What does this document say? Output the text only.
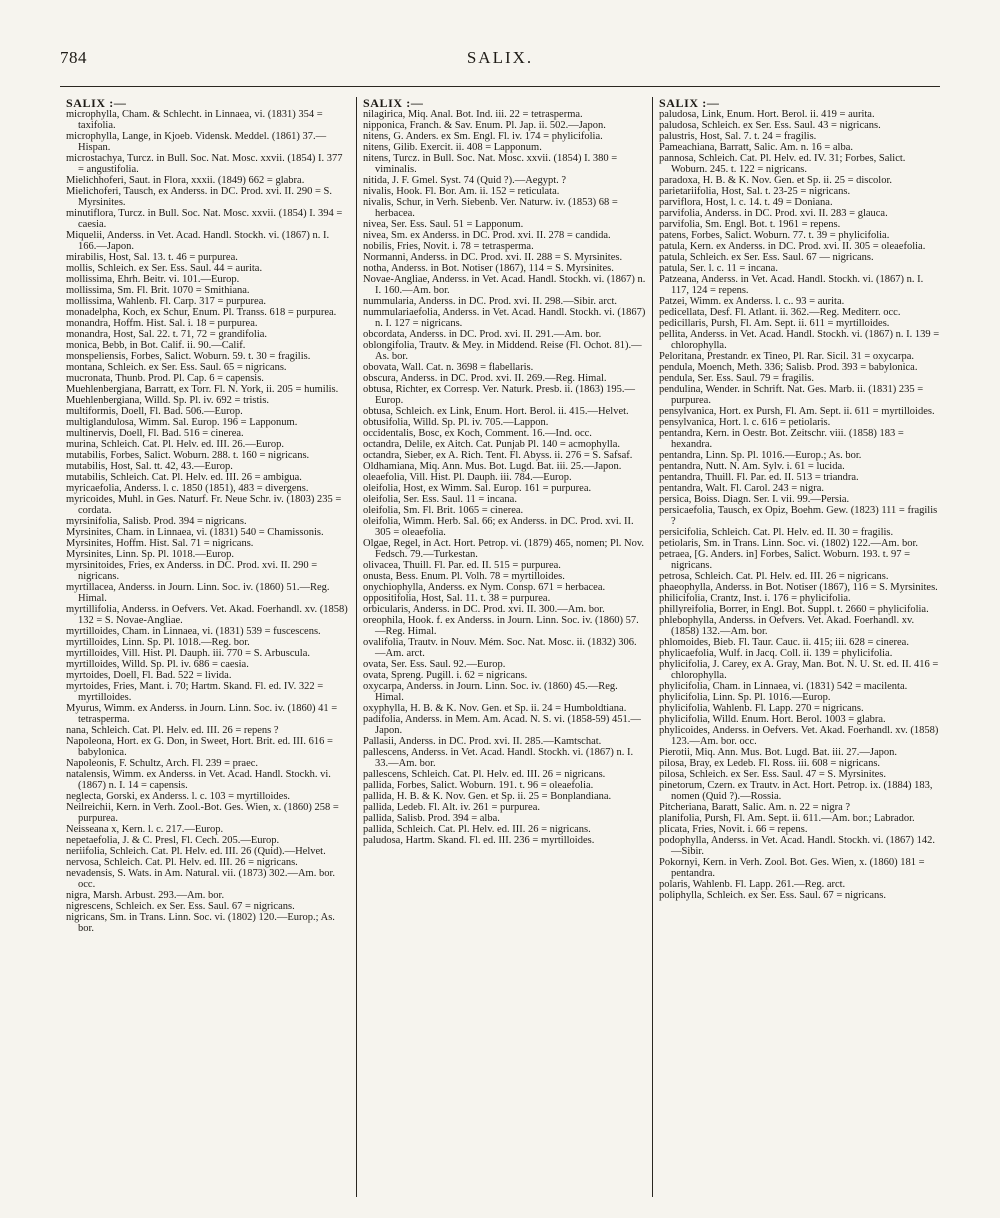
784	SALIX.
SALIX :—
microphylla, Cham. & Schlecht. in Linnaea, vi. (1831) 354 = taxifolia.
microphylla, Lange, in Kjoeb. Vidensk. Meddel. (1861) 37.—Hispan.
microstachya, Turcz. in Bull. Soc. Nat. Mosc. xxvii. (1854) I. 377 = angustifolia.
Mielichhoferi, Saut. in Flora, xxxii. (1849) 662 = glabra.
Mielichoferi, Tausch, ex Anderss. in DC. Prod. xvi. II. 290 = S. Myrsinites.
minutiflora, Turcz. in Bull. Soc. Nat. Mosc. xxvii. (1854) I. 394 = caesia.
Miquelii, Anderss. in Vet. Acad. Handl. Stockh. vi. (1867) n. I. 166.—Japon.
mirabilis, Host, Sal. 13. t. 46 = purpurea.
mollis, Schleich. ex Ser. Ess. Saul. 44 = aurita.
mollissima, Ehrh. Beitr. vi. 101.—Europ.
mollissima, Sm. Fl. Brit. 1070 = Smithiana.
mollissima, Wahlenb. Fl. Carp. 317 = purpurea.
monadelpha, Koch, ex Schur, Enum. Pl. Transs. 618 = purpurea.
monandra, Hoffm. Hist. Sal. i. 18 = purpurea.
monandra, Host, Sal. 22. t. 71, 72 = grandifolia.
monica, Bebb, in Bot. Calif. ii. 90.—Calif.
monspeliensis, Forbes, Salict. Woburn. 59. t. 30 = fragilis.
montana, Schleich. ex Ser. Ess. Saul. 65 = nigricans.
mucronata, Thunb. Prod. Pl. Cap. 6 = capensis.
Muehlenbergiana, Barratt, ex Torr. Fl. N. York, ii. 205 = humilis.
Muehlenbergiana, Willd. Sp. Pl. iv. 692 = tristis.
multiformis, Doell, Fl. Bad. 506.—Europ.
multiglandulosa, Wimm. Sal. Europ. 196 = Lapponum.
multinervis, Doell, Fl. Bad. 516 = cinerea.
murina, Schleich. Cat. Pl. Helv. ed. III. 26.—Europ.
mutabilis, Forbes, Salict. Woburn. 288. t. 160 = nigricans.
mutabilis, Host, Sal. tt. 42, 43.—Europ.
mutabilis, Schleich. Cat. Pl. Helv. ed. III. 26 = ambigua.
myricaefolia, Anderss. l. c. 1850 (1851), 483 = divergens.
myricoides, Muhl. in Ges. Naturf. Fr. Neue Schr. iv. (1803) 235 = cordata.
myrsinifolia, Salisb. Prod. 394 = nigricans.
Myrsinites, Cham. in Linnaea, vi. (1831) 540 = Chamissonis.
Myrsinites, Hoffm. Hist. Sal. 71 = nigricans.
Myrsinites, Linn. Sp. Pl. 1018.—Europ.
myrsinitoides, Fries, ex Anderss. in DC. Prod. xvi. II. 290 = nigricans.
myrtillacea, Anderss. in Journ. Linn. Soc. iv. (1860) 51.—Reg. Himal.
myrtillifolia, Anderss. in Oefvers. Vet. Akad. Foerhandl. xv. (1858) 132 = S. Novae-Angliae.
myrtilloides, Cham. in Linnaea, vi. (1831) 539 = fuscescens.
myrtilloides, Linn. Sp. Pl. 1018.—Reg. bor.
myrtilloides, Vill. Hist. Pl. Dauph. iii. 770 = S. Arbuscula.
myrtilloides, Willd. Sp. Pl. iv. 686 = caesia.
myrtoides, Doell, Fl. Bad. 522 = livida.
myrtoides, Fries, Mant. i. 70; Hartm. Skand. Fl. ed. IV. 322 = myrtilloides.
Myurus, Wimm. ex Anderss. in Journ. Linn. Soc. iv. (1860) 41 = tetrasperma.
nana, Schleich. Cat. Pl. Helv. ed. III. 26 = repens ?
Napoleona, Hort. ex G. Don, in Sweet, Hort. Brit. ed. III. 616 = babylonica.
Napoleonis, F. Schultz, Arch. Fl. 239 = praec.
natalensis, Wimm. ex Anderss. in Vet. Acad. Handl. Stockh. vi. (1867) n. I. 14 = capensis.
neglecta, Gorski, ex Anderss. l. c. 103 = myrtilloides.
Neilreichii, Kern. in Verh. Zool.-Bot. Ges. Wien, x. (1860) 258 = purpurea.
Neisseana x, Kern. l. c. 217.—Europ.
nepetaefolia, J. & C. Presl, Fl. Cech. 205.—Europ.
neriifolia, Schleich. Cat. Pl. Helv. ed. III. 26 (Quid).—Helvet.
nervosa, Schleich. Cat. Pl. Helv. ed. III. 26 = nigricans.
nevadensis, S. Wats. in Am. Natural. vii. (1873) 302.—Am. bor. occ.
nigra, Marsh. Arbust. 293.—Am. bor.
nigrescens, Schleich. ex Ser. Ess. Saul. 67 = nigricans.
nigricans, Sm. in Trans. Linn. Soc. vi. (1802) 120.—Europ.; As. bor.
SALIX :—
nilagirica, Miq. Anal. Bot. Ind. iii. 22 = tetrasperma.
nipponica, Franch. & Sav. Enum. Pl. Jap. ii. 502.—Japon.
nitens, G. Anders. ex Sm. Engl. Fl. iv. 174 = phylicifolia.
nitens, Gilib. Exercit. ii. 408 = Lapponum.
nitens, Turcz. in Bull. Soc. Nat. Mosc. xxvii. (1854) I. 380 = viminalis.
nitida, J. F. Gmel. Syst. 74 (Quid ?).—Aegypt. ?
nivalis, Hook. Fl. Bor. Am. ii. 152 = reticulata.
nivalis, Schur, in Verh. Siebenb. Ver. Naturw. iv. (1853) 68 = herbacea.
nivea, Ser. Ess. Saul. 51 = Lapponum.
nivea, Sm. ex Anderss. in DC. Prod. xvi. II. 278 = candida.
nobilis, Fries, Novit. i. 78 = tetrasperma.
Normanni, Anderss. in DC. Prod. xvi. II. 288 = S. Myrsinites.
notha, Anderss. in Bot. Notiser (1867), 114 = S. Myrsinites.
Novae-Angliae, Anderss. in Vet. Acad. Handl. Stockh. vi. (1867) n. I. 160.—Am. bor.
nummularia, Anderss. in DC. Prod. xvi. II. 298.—Sibir. arct.
nummulariaefolia, Anderss. in Vet. Acad. Handl. Stockh. vi. (1867) n. I. 127 = nigricans.
obcordata, Anderss. in DC. Prod. xvi. II. 291.—Am. bor.
oblongifolia, Trautv. & Mey. in Middend. Reise (Fl. Ochot. 81).—As. bor.
obovata, Wall. Cat. n. 3698 = flabellaris.
obscura, Anderss. in DC. Prod. xvi. II. 269.—Reg. Himal.
obtusa, Richter, ex Corresp. Ver. Naturk. Presb. ii. (1863) 195.—Europ.
obtusa, Schleich. ex Link, Enum. Hort. Berol. ii. 415.—Helvet.
obtusifolia, Willd. Sp. Pl. iv. 705.—Lappon.
occidentalis, Bosc, ex Koch, Comment. 16.—Ind. occ.
octandra, Delile, ex Aitch. Cat. Punjab Pl. 140 = acmophylla.
octandra, Sieber, ex A. Rich. Tent. Fl. Abyss. ii. 276 = S. Safsaf.
Oldhamiana, Miq. Ann. Mus. Bot. Lugd. Bat. iii. 25.—Japon.
oleaefolia, Vill. Hist. Pl. Dauph. iii. 784.—Europ.
oleifolia, Host, ex Wimm. Sal. Europ. 161 = purpurea.
oleifolia, Ser. Ess. Saul. 11 = incana.
oleifolia, Sm. Fl. Brit. 1065 = cinerea.
oleifolia, Wimm. Herb. Sal. 66; ex Anderss. in DC. Prod. xvi. II. 305 = oleaefolia.
Olgae, Regel, in Act. Hort. Petrop. vi. (1879) 465, nomen; Pl. Nov. Fedsch. 79.—Turkestan.
olivacea, Thuill. Fl. Par. ed. II. 515 = purpurea.
onusta, Bess. Enum. Pl. Volh. 78 = myrtilloides.
onychiophylla, Anderss. ex Nym. Consp. 671 = herbacea.
oppositifolia, Host, Sal. 11. t. 38 = purpurea.
orbicularis, Anderss. in DC. Prod. xvi. II. 300.—Am. bor.
oreophila, Hook. f. ex Anderss. in Journ. Linn. Soc. iv. (1860) 57.—Reg. Himal.
ovalifolia, Trautv. in Nouv. Mém. Soc. Nat. Mosc. ii. (1832) 306.—Am. arct.
ovata, Ser. Ess. Saul. 92.—Europ.
ovata, Spreng. Pugill. i. 62 = nigricans.
oxycarpa, Anderss. in Journ. Linn. Soc. iv. (1860) 45.—Reg. Himal.
oxyphylla, H. B. & K. Nov. Gen. et Sp. ii. 24 = Humboldtiana.
padifolia, Anderss. in Mem. Am. Acad. N. S. vi. (1858-59) 451.—Japon.
Pallasii, Anderss. in DC. Prod. xvi. II. 285.—Kamtschat.
pallescens, Anderss. in Vet. Acad. Handl. Stockh. vi. (1867) n. I. 33.—Am. bor.
pallescens, Schleich. Cat. Pl. Helv. ed. III. 26 = nigricans.
pallida, Forbes, Salict. Woburn. 191. t. 96 = oleaefolia.
pallida, H. B. & K. Nov. Gen. et Sp. ii. 25 = Bonplandiana.
pallida, Ledeb. Fl. Alt. iv. 261 = purpurea.
pallida, Salisb. Prod. 394 = alba.
pallida, Schleich. Cat. Pl. Helv. ed. III. 26 = nigricans.
paludosa, Hartm. Skand. Fl. ed. III. 236 = myrtilloides.
SALIX :—
paludosa, Link, Enum. Hort. Berol. ii. 419 = aurita.
paludosa, Schleich. ex Ser. Ess. Saul. 43 = nigricans.
palustris, Host, Sal. 7. t. 24 = fragilis.
Pameachiana, Barratt, Salic. Am. n. 16 = alba.
pannosa, Schleich. Cat. Pl. Helv. ed. IV. 31; Forbes, Salict. Woburn. 245. t. 122 = nigricans.
paradoxa, H. B. & K. Nov. Gen. et Sp. ii. 25 = discolor.
parietariifolia, Host, Sal. t. 23-25 = nigricans.
parviflora, Host, l. c. 14. t. 49 = Doniana.
parvifolia, Anderss. in DC. Prod. xvi. II. 283 = glauca.
parvifolia, Sm. Engl. Bot. t. 1961 = repens.
patens, Forbes, Salict. Woburn. 77. t. 39 = phylicifolia.
patula, Kern. ex Anderss. in DC. Prod. xvi. II. 305 = oleaefolia.
patula, Schleich. ex Ser. Ess. Saul. 67 — nigricans.
patula, Ser. l. c. 11 = incana.
Patzeana, Anderss. in Vet. Acad. Handl. Stockh. vi. (1867) n. I. 117, 124 = repens.
Patzei, Wimm. ex Anderss. l. c.. 93 = aurita.
pedicellata, Desf. Fl. Atlant. ii. 362.—Reg. Mediterr. occ.
pedicillaris, Pursh, Fl. Am. Sept. ii. 611 = myrtilloides.
pellita, Anderss. in Vet. Acad. Handl. Stockh. vi. (1867) n. I. 139 = chlorophylla.
Peloritana, Prestandr. ex Tineo, Pl. Rar. Sicil. 31 = oxycarpa.
pendula, Moench, Meth. 336; Salisb. Prod. 393 = babylonica.
pendula, Ser. Ess. Saul. 79 = fragilis.
pendulina, Wender. in Schrift. Nat. Ges. Marb. ii. (1831) 235 = purpurea.
pensylvanica, Hort. ex Pursh, Fl. Am. Sept. ii. 611 = myrtilloides.
pensylvanica, Hort. l. c. 616 = petiolaris.
pentandra, Kern. in Oestr. Bot. Zeitschr. viii. (1858) 183 = hexandra.
pentandra, Linn. Sp. Pl. 1016.—Europ.; As. bor.
pentandra, Nutt. N. Am. Sylv. i. 61 = lucida.
pentandra, Thuill. Fl. Par. ed. II. 513 = triandra.
pentandra, Walt. Fl. Carol. 243 = nigra.
persica, Boiss. Diagn. Ser. I. vii. 99.—Persia.
persicaefolia, Tausch, ex Opiz, Boehm. Gew. (1823) 111 = fragilis ?
persicifolia, Schleich. Cat. Pl. Helv. ed. II. 30 = fragilis.
petiolaris, Sm. in Trans. Linn. Soc. vi. (1802) 122.—Am. bor.
petraea, [G. Anders. in] Forbes, Salict. Woburn. 193. t. 97 = nigricans.
petrosa, Schleich. Cat. Pl. Helv. ed. III. 26 = nigricans.
phaeophylla, Anderss. in Bot. Notiser (1867), 116 = S. Myrsinites.
philicifolia, Crantz, Inst. i. 176 = phylicifolia.
phillyreifolia, Borrer, in Engl. Bot. Suppl. t. 2660 = phylicifolia.
phlebophylla, Anderss. in Oefvers. Vet. Akad. Foerhandl. xv. (1858) 132.—Am. bor.
phlomoides, Bieb. Fl. Taur. Cauc. ii. 415; iii. 628 = cinerea.
phylicaefolia, Wulf. in Jacq. Coll. ii. 139 = phylicifolia.
phylicifolia, J. Carey, ex A. Gray, Man. Bot. N. U. St. ed. II. 416 = chlorophylla.
phylicifolia, Cham. in Linnaea, vi. (1831) 542 = macilenta.
phylicifolia, Linn. Sp. Pl. 1016.—Europ.
phylicifolia, Wahlenb. Fl. Lapp. 270 = nigricans.
phylicifolia, Willd. Enum. Hort. Berol. 1003 = glabra.
phylicoides, Anderss. in Oefvers. Vet. Akad. Foerhandl. xv. (1858) 123.—Am. bor. occ.
Pierotii, Miq. Ann. Mus. Bot. Lugd. Bat. iii. 27.—Japon.
pilosa, Bray, ex Ledeb. Fl. Ross. iii. 608 = nigricans.
pilosa, Schleich. ex Ser. Ess. Saul. 47 = S. Myrsinites.
pinetorum, Czern. ex Trautv. in Act. Hort. Petrop. ix. (1884) 183, nomen (Quid ?).—Rossia.
Pitcheriana, Baratt, Salic. Am. n. 22 = nigra ?
planifolia, Pursh, Fl. Am. Sept. ii. 611.—Am. bor.; Labrador.
plicata, Fries, Novit. i. 66 = repens.
podophylla, Anderss. in Vet. Acad. Handl. Stockh. vi. (1867) 142.—Sibir.
Pokornyi, Kern. in Verh. Zool. Bot. Ges. Wien, x. (1860) 181 = pentandra.
polaris, Wahlenb. Fl. Lapp. 261.—Reg. arct.
poliphylla, Schleich. ex Ser. Ess. Saul. 67 = nigricans.
